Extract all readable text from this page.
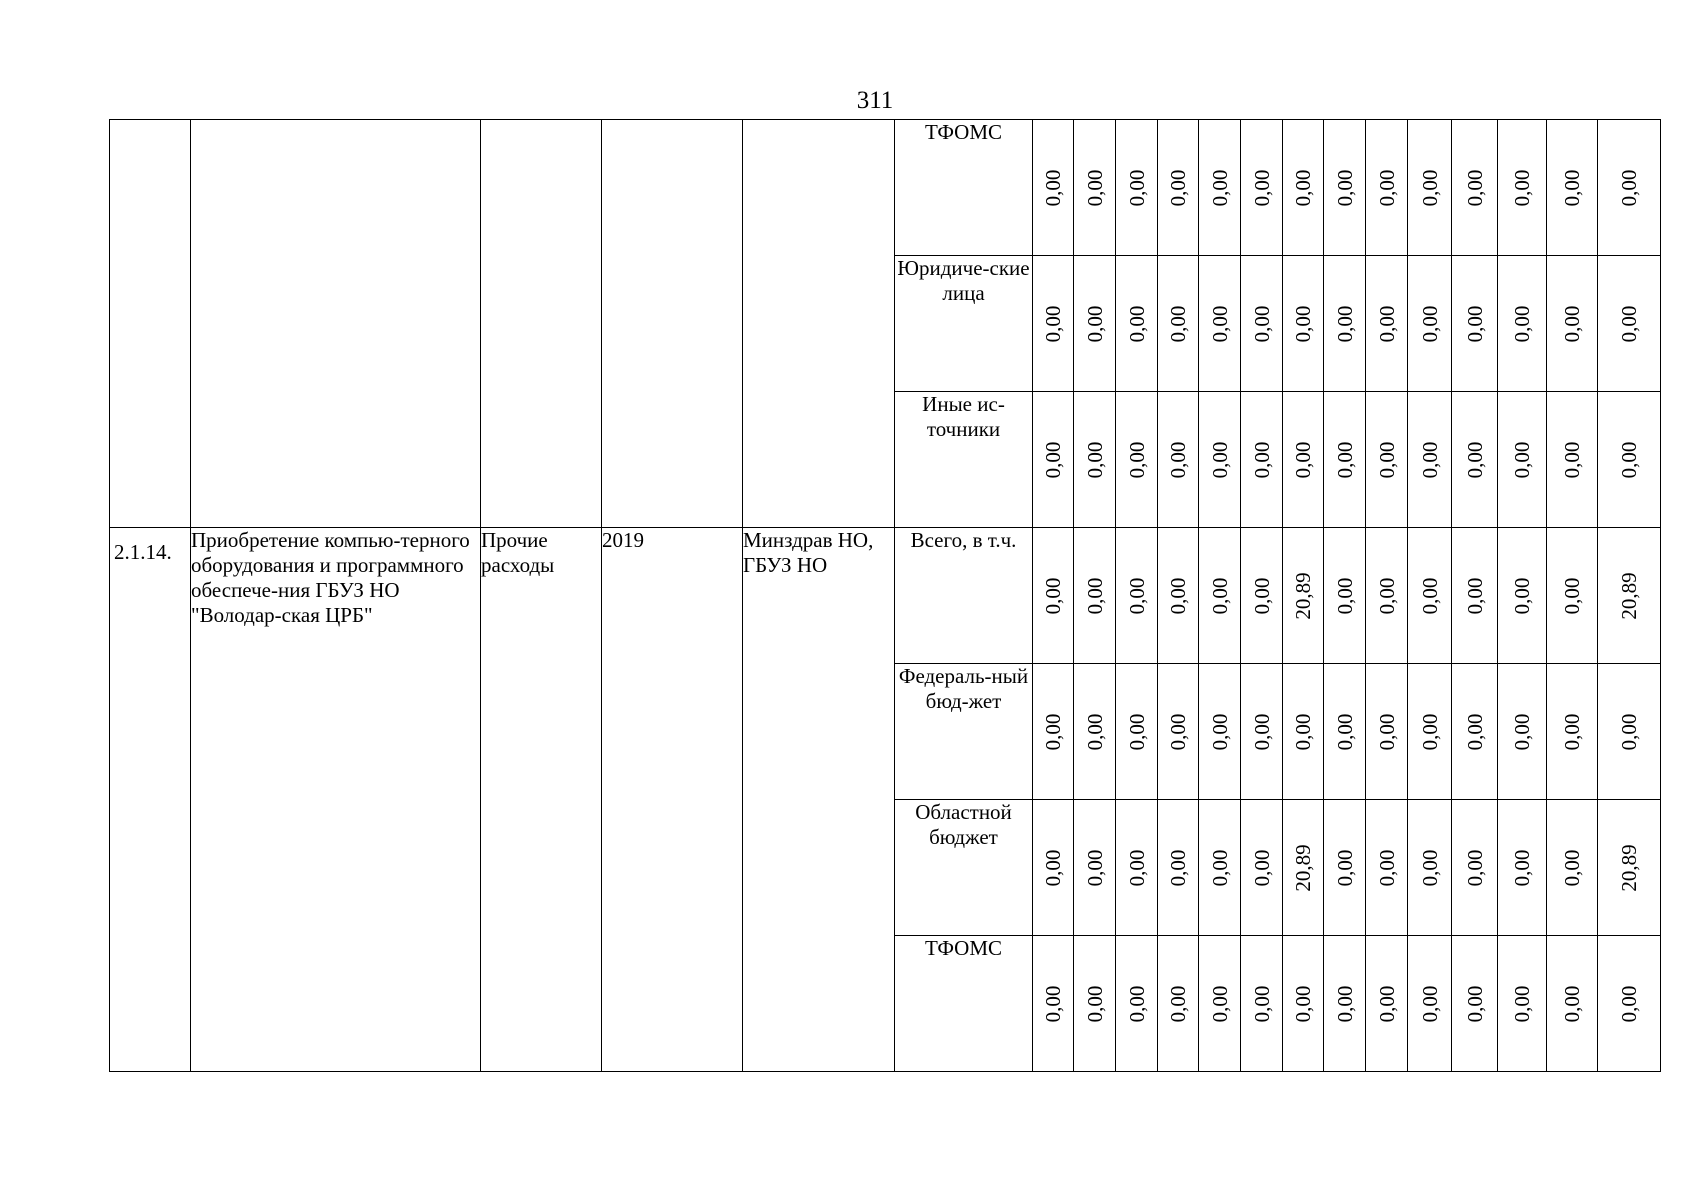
311
					ТФОМС	0,00	0,00	0,00	0,00	0,00	0,00	0,00	0,00	0,00	0,00	0,00	0,00	0,00	0,00

					Юридиче-ские лица	0,00	0,00	0,00	0,00	0,00	0,00	0,00	0,00	0,00	0,00	0,00	0,00	0,00	0,00

					Иные ис-точники	0,00	0,00	0,00	0,00	0,00	0,00	0,00	0,00	0,00	0,00	0,00	0,00	0,00	0,00

2.1.14.	Приобретение компью-терного оборудования и программного обеспече-ния ГБУЗ НО "Володар-ская ЦРБ"	Прочие расходы	2019	Минздрав НО, ГБУЗ НО	Всего, в т.ч.	0,00	0,00	0,00	0,00	0,00	0,00	20,89	0,00	0,00	0,00	0,00	0,00	0,00	20,89

					Федераль-ный бюд-жет	0,00	0,00	0,00	0,00	0,00	0,00	0,00	0,00	0,00	0,00	0,00	0,00	0,00	0,00

					Областной бюджет	0,00	0,00	0,00	0,00	0,00	0,00	20,89	0,00	0,00	0,00	0,00	0,00	0,00	20,89

					ТФОМС	0,00	0,00	0,00	0,00	0,00	0,00	0,00	0,00	0,00	0,00	0,00	0,00	0,00	0,00
